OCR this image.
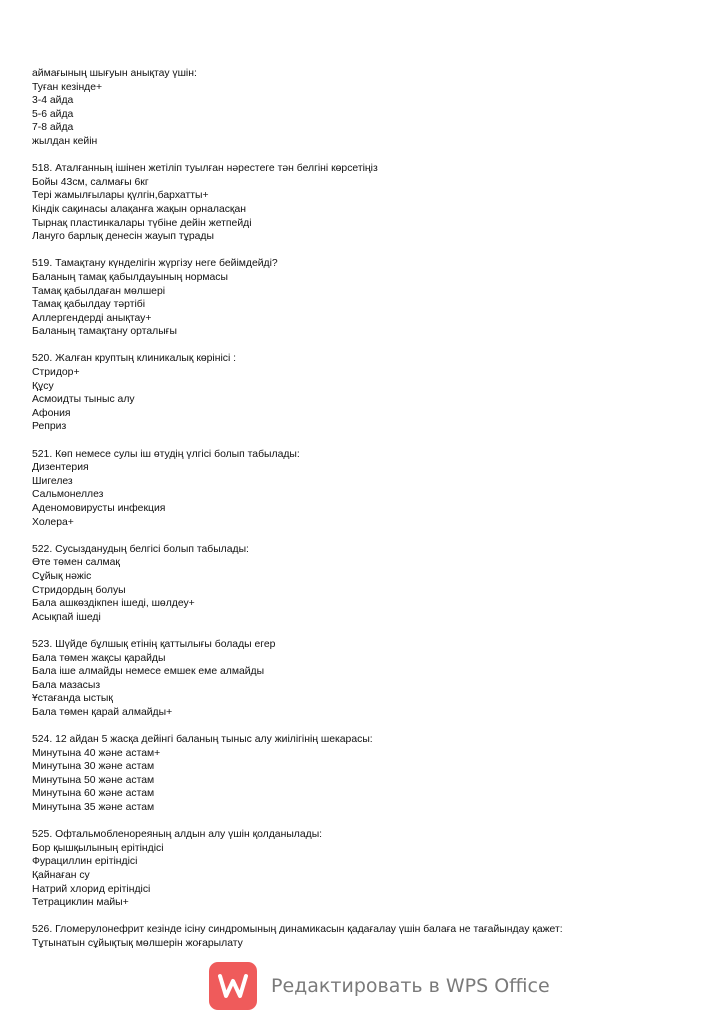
аймағының шығуын анықтау үшін:
Туған кезінде+
3-4 айда
5-6 айда
7-8 айда
жылдан кейін
518. Аталғанның ішінен жетіліп туылған нәрестеге тән белгіні көрсетіңіз
Бойы 43см, салмағы 6кг
Тері жамылғылары қүлгін,бархатты+
Кіндік сақинасы алақанға жақын орналасқан
Тырнақ пластинкалары түбіне дейін жетпейді
Лануго барлық денесін жауып тұрады
519. Тамақтану күнделігін жүргізу неге бейімдейді?
Баланың тамақ қабылдауының нормасы
Тамақ қабылдаған мөлшері
Тамақ қабылдау тәртібі
Аллергендерді анықтау+
Баланың тамақтану орталығы
520. Жалған круптың клиникалық көрінісі :
Стридор+
Құсу
Асмоидты тыныс алу
Афония
Реприз
521. Көп немесе сулы іш өтудің үлгісі болып табылады:
Дизентерия
Шигелез
Сальмонеллез
Аденомовирусты инфекция
Холера+
522. Сусызданудың белгісі болып табылады:
Өте төмен салмақ
Сұйық нәжіс
Стридордың болуы
Бала ашкөздікпен ішеді, шөлдеу+
Асықпай ішеді
523. Шүйде бұлшық етінің қаттылығы болады егер
Бала төмен жақсы қарайды
Бала іше алмайды немесе емшек еме алмайды
Бала мазасыз
Ұстағанда ыстық
Бала төмен қарай алмайды+
524. 12 айдан 5 жасқа дейінгі баланың тыныс алу жиілігінің шекарасы:
Минутына 40 және астам+
Минутына 30 және астам
Минутына 50 және астам
Минутына 60 және астам
Минутына 35 және астам
525. Офтальмобленореяның алдын алу үшін қолданылады:
Бор қышқылының ерітіндісі
Фурациллин ерітіндісі
Қайнаған су
Натрий хлорид ерітіндісі
Тетрациклин майы+
526. Гломерулонефрит кезінде ісіну синдромының динамикасын қадағалау үшін балаға не тағайындау қажет:
Тұтынатын сұйықтық мөлшерін жоғарылату
Редактировать в WPS Office
